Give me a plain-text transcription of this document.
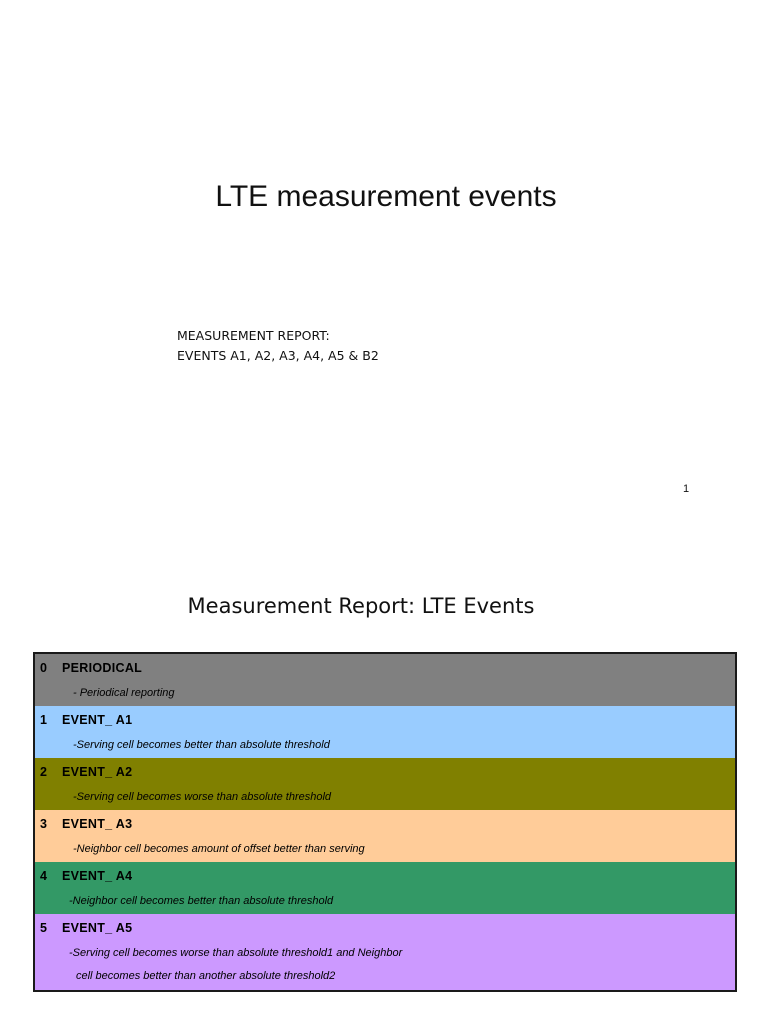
LTE measurement events
MEASUREMENT REPORT:
EVENTS A1, A2, A3, A4, A5 & B2
1
Measurement Report: LTE Events
0 PERIODICAL
- Periodical reporting
1 EVENT_ A1
-Serving cell becomes better than absolute threshold
2 EVENT_ A2
-Serving cell becomes worse than absolute threshold
3 EVENT_ A3
-Neighbor cell becomes amount of offset better than serving
4 EVENT_ A4
-Neighbor cell becomes better than absolute threshold
5 EVENT_ A5
-Serving cell becomes worse than absolute threshold1 and Neighbor
cell becomes better than another absolute threshold2
